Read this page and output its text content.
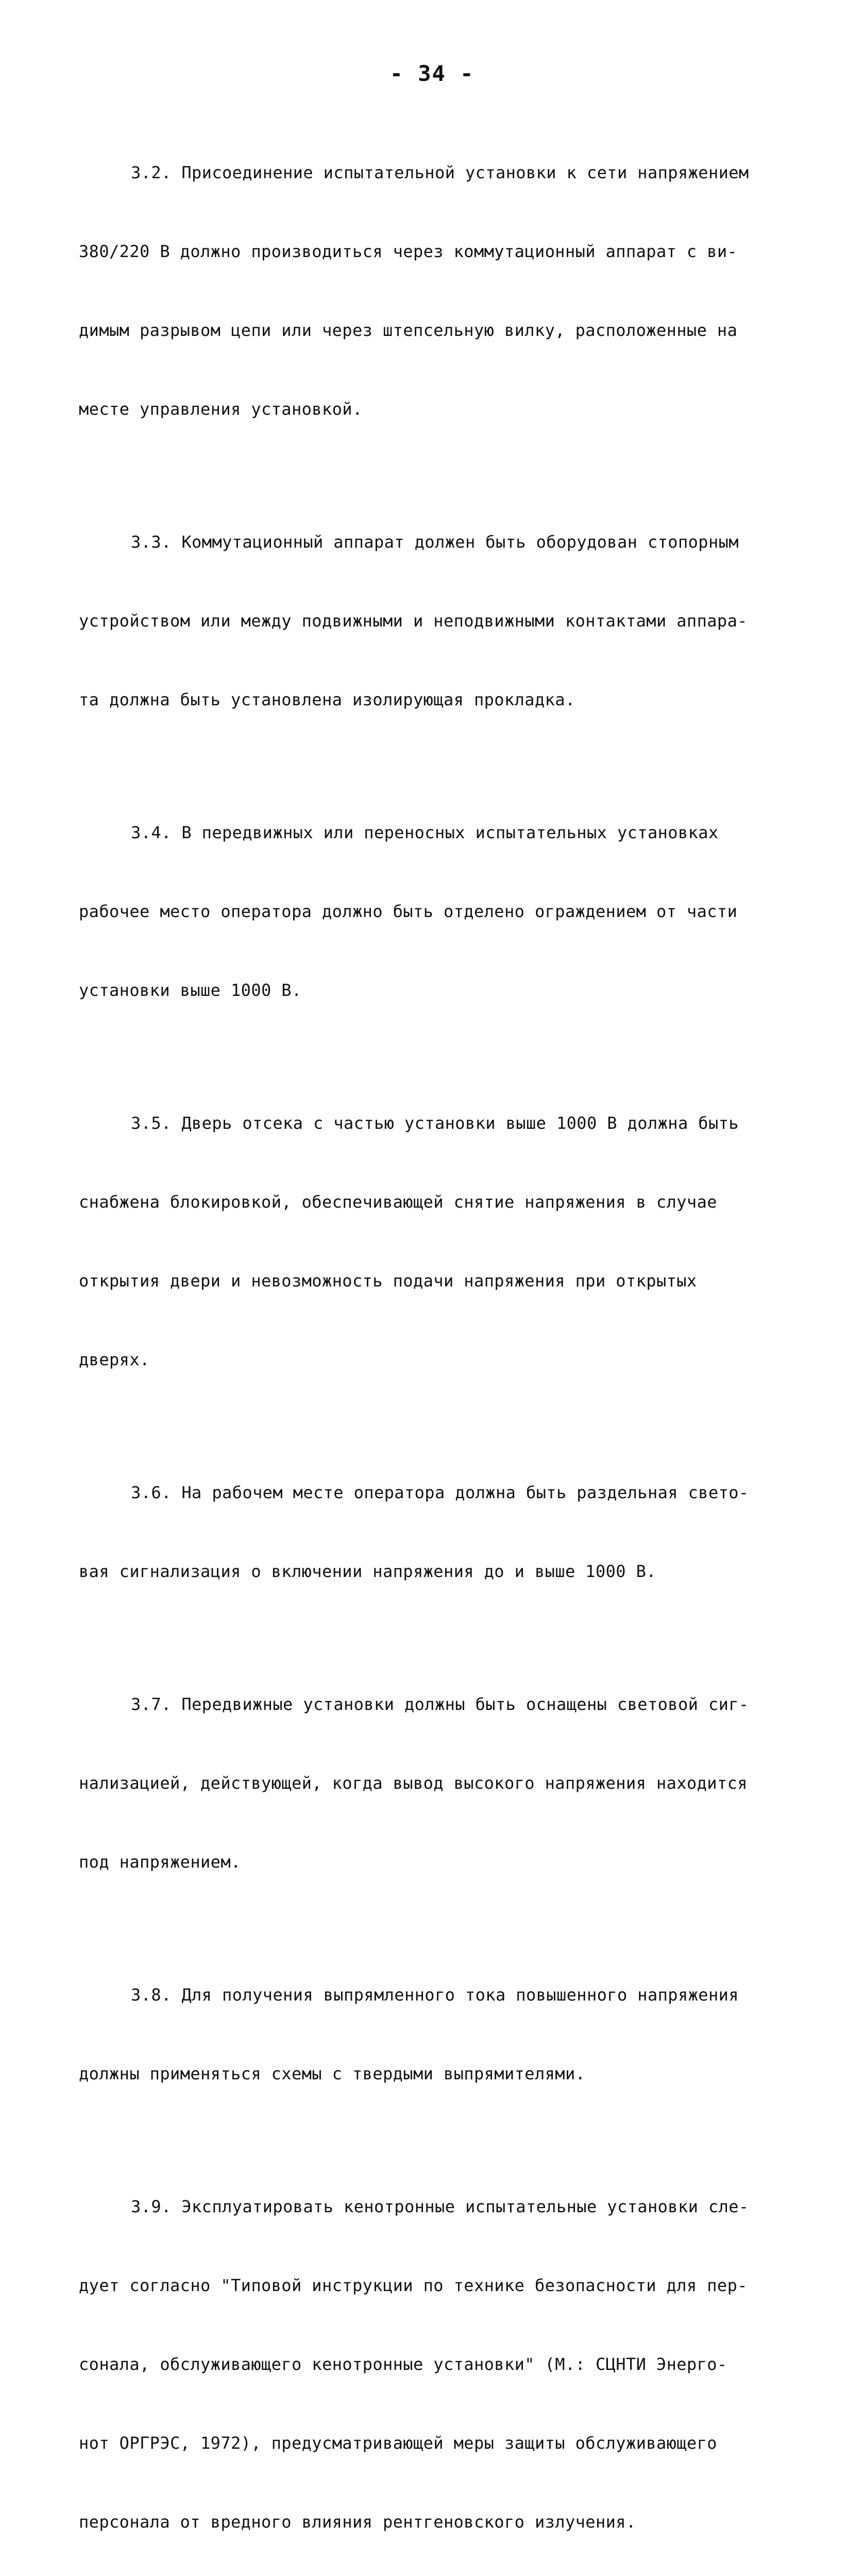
- 34 -

3.2. Присоединение испытательной установки к сети напряжением

380/220 В должно производиться через коммутационный аппарат с ви-

димым разрывом цепи или через штепсельную вилку, расположенные на

месте управления установкой.

3.3. Коммутационный аппарат должен быть оборудован стопорным

устройством или между подвижными и неподвижными контактами аппара-

та должна быть установлена изолирующая прокладка.

3.4. В передвижных или переносных испытательных установках

рабочее место оператора должно быть отделено ограждением от части

установки выше 1000 В.

3.5. Дверь отсека с частью установки выше 1000 В должна быть

снабжена блокировкой, обеспечивающей снятие напряжения в случае

открытия двери и невозможность подачи напряжения при открытых

дверях.

3.6. На рабочем месте оператора должна быть раздельная свето-

вая сигнализация о включении напряжения до и выше 1000 В.

3.7. Передвижные установки должны быть оснащены световой сиг-

нализацией, действующей, когда вывод высокого напряжения находится

под напряжением.

3.8. Для получения выпрямленного тока повышенного напряжения

должны применяться схемы с твердыми выпрямителями.

3.9. Эксплуатировать кенотронные испытательные установки сле-

дует согласно "Типовой инструкции по технике безопасности для пер-

сонала, обслуживающего кенотронные установки" (М.: СЦНТИ Энерго-

нот ОРГРЭС, 1972), предусматривающей меры защиты обслуживающего

персонала от вредного влияния рентгеновского излучения.
